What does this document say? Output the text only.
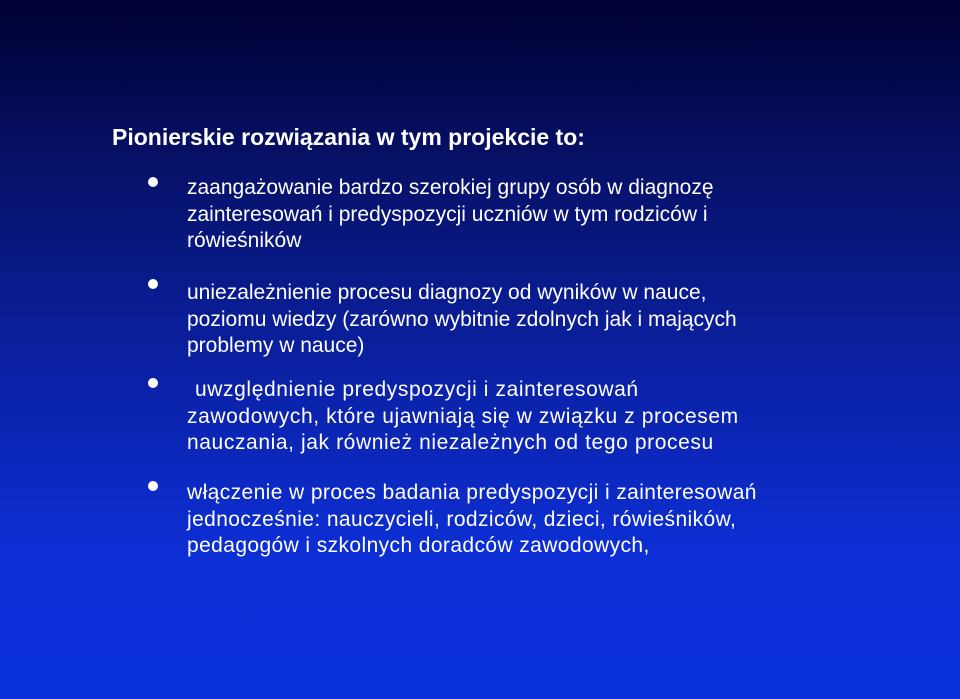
Pionierskie rozwiązania w tym projekcie to:
zaangażowanie bardzo szerokiej grupy osób w diagnozę
zainteresowań i predyspozycji uczniów w tym rodziców i
rówieśników
uniezależnienie procesu diagnozy od wyników w nauce,
poziomu wiedzy (zarówno wybitnie zdolnych jak i mających
problemy w nauce)
uwzględnienie predyspozycji i zainteresowań
zawodowych, które ujawniają się w związku z procesem
nauczania, jak również niezależnych od tego procesu
włączenie w proces badania predyspozycji i zainteresowań
jednocześnie: nauczycieli, rodziców, dzieci, rówieśników,
pedagogów i szkolnych doradców zawodowych,
